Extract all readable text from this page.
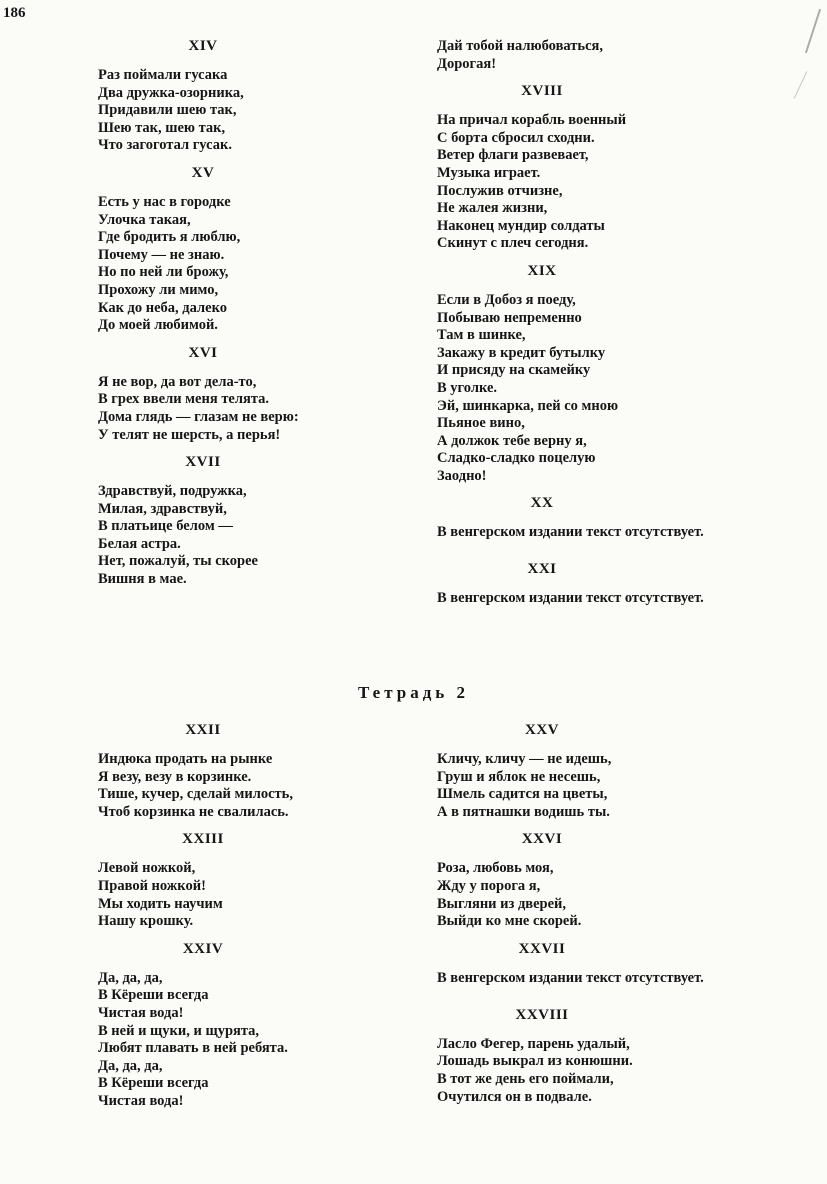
186
XIV
Раз поймали гусака
Два дружка-озорника,
Придавили шею так,
Шею так, шею так,
Что загоготал гусак.
XV
Есть у нас в городке
Улочка такая,
Где бродить я люблю,
Почему — не знаю.
Но по ней ли брожу,
Прохожу ли мимо,
Как до неба, далеко
До моей любимой.
XVI
Я не вор, да вот дела-то,
В грех ввели меня телята.
Дома глядь — глазам не верю:
У телят не шерсть, а перья!
XVII
Здравствуй, подружка,
Милая, здравствуй,
В платьице белом —
Белая астра.
Нет, пожалуй, ты скорее
Вишня в мае.
Дай тобой налюбоваться,
Дорогая!
XVIII
На причал корабль военный
С борта сбросил сходни.
Ветер флаги развевает,
Музыка играет.
Послужив отчизне,
Не жалея жизни,
Наконец мундир солдаты
Скинут с плеч сегодня.
XIX
Если в Добоз я поеду,
Побываю непременно
Там в шинке,
Закажу в кредит бутылку
И присяду на скамейку
В уголке.
Эй, шинкарка, пей со мною
Пьяное вино,
А должок тебе верну я,
Сладко-сладко поцелую
Заодно!
XX
В венгерском издании текст отсутствует.
XXI
В венгерском издании текст отсутствует.
Тетрадь 2
XXII
Индюка продать на рынке
Я везу, везу в корзинке.
Тише, кучер, сделай милость,
Чтоб корзинка не свалилась.
XXIII
Левой ножкой,
Правой ножкой!
Мы ходить научим
Нашу крошку.
XXIV
Да, да, да,
В Кёреши всегда
Чистая вода!
В ней и щуки, и щурята,
Любят плавать в ней ребята.
Да, да, да,
В Кёреши всегда
Чистая вода!
XXV
Кличу, кличу — не идешь,
Груш и яблок не несешь,
Шмель садится на цветы,
А в пятнашки водишь ты.
XXVI
Роза, любовь моя,
Жду у порога я,
Выгляни из дверей,
Выйди ко мне скорей.
XXVII
В венгерском издании текст отсутствует.
XXVIII
Ласло Фегер, парень удалый,
Лошадь выкрал из конюшни.
В тот же день его поймали,
Очутился он в подвале.
